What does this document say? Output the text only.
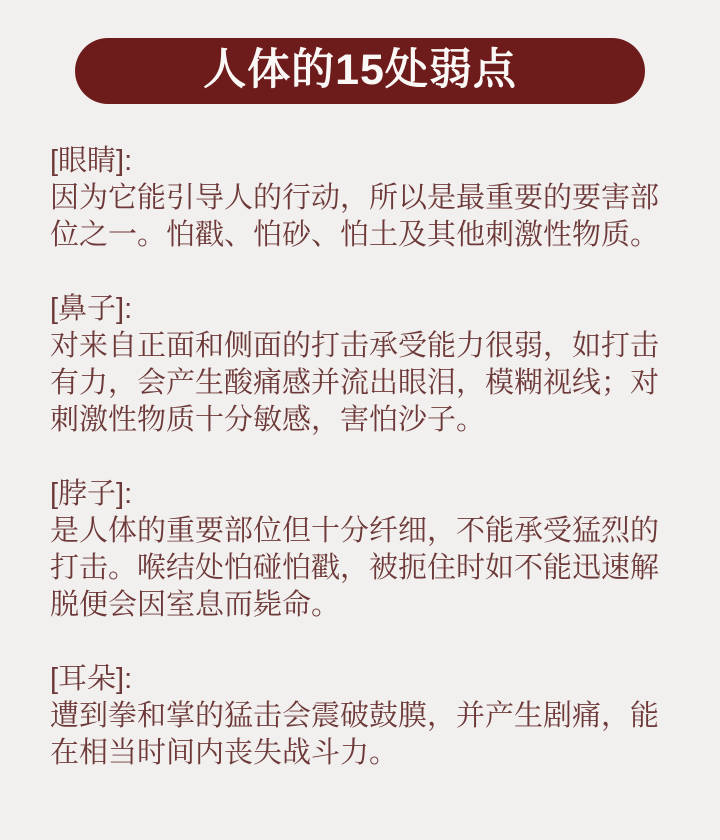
人体的15处弱点
[眼睛]:

因为它能引导人的行动，所以是最重要的要害部位之一。怕戳、怕砂、怕土及其他刺激性物质。

[鼻子]:

对来自正面和侧面的打击承受能力很弱，如打击有力，会产生酸痛感并流出眼泪，模糊视线；对刺激性物质十分敏感，害怕沙子。

[脖子]:

是人体的重要部位但十分纤细，不能承受猛烈的打击。喉结处怕碰怕戳，被扼住时如不能迅速解脱便会因室息而毙命。

[耳朵]:

遭到拳和掌的猛击会震破鼓膜，并产生剧痛，能在相当时间内丧失战斗力。
